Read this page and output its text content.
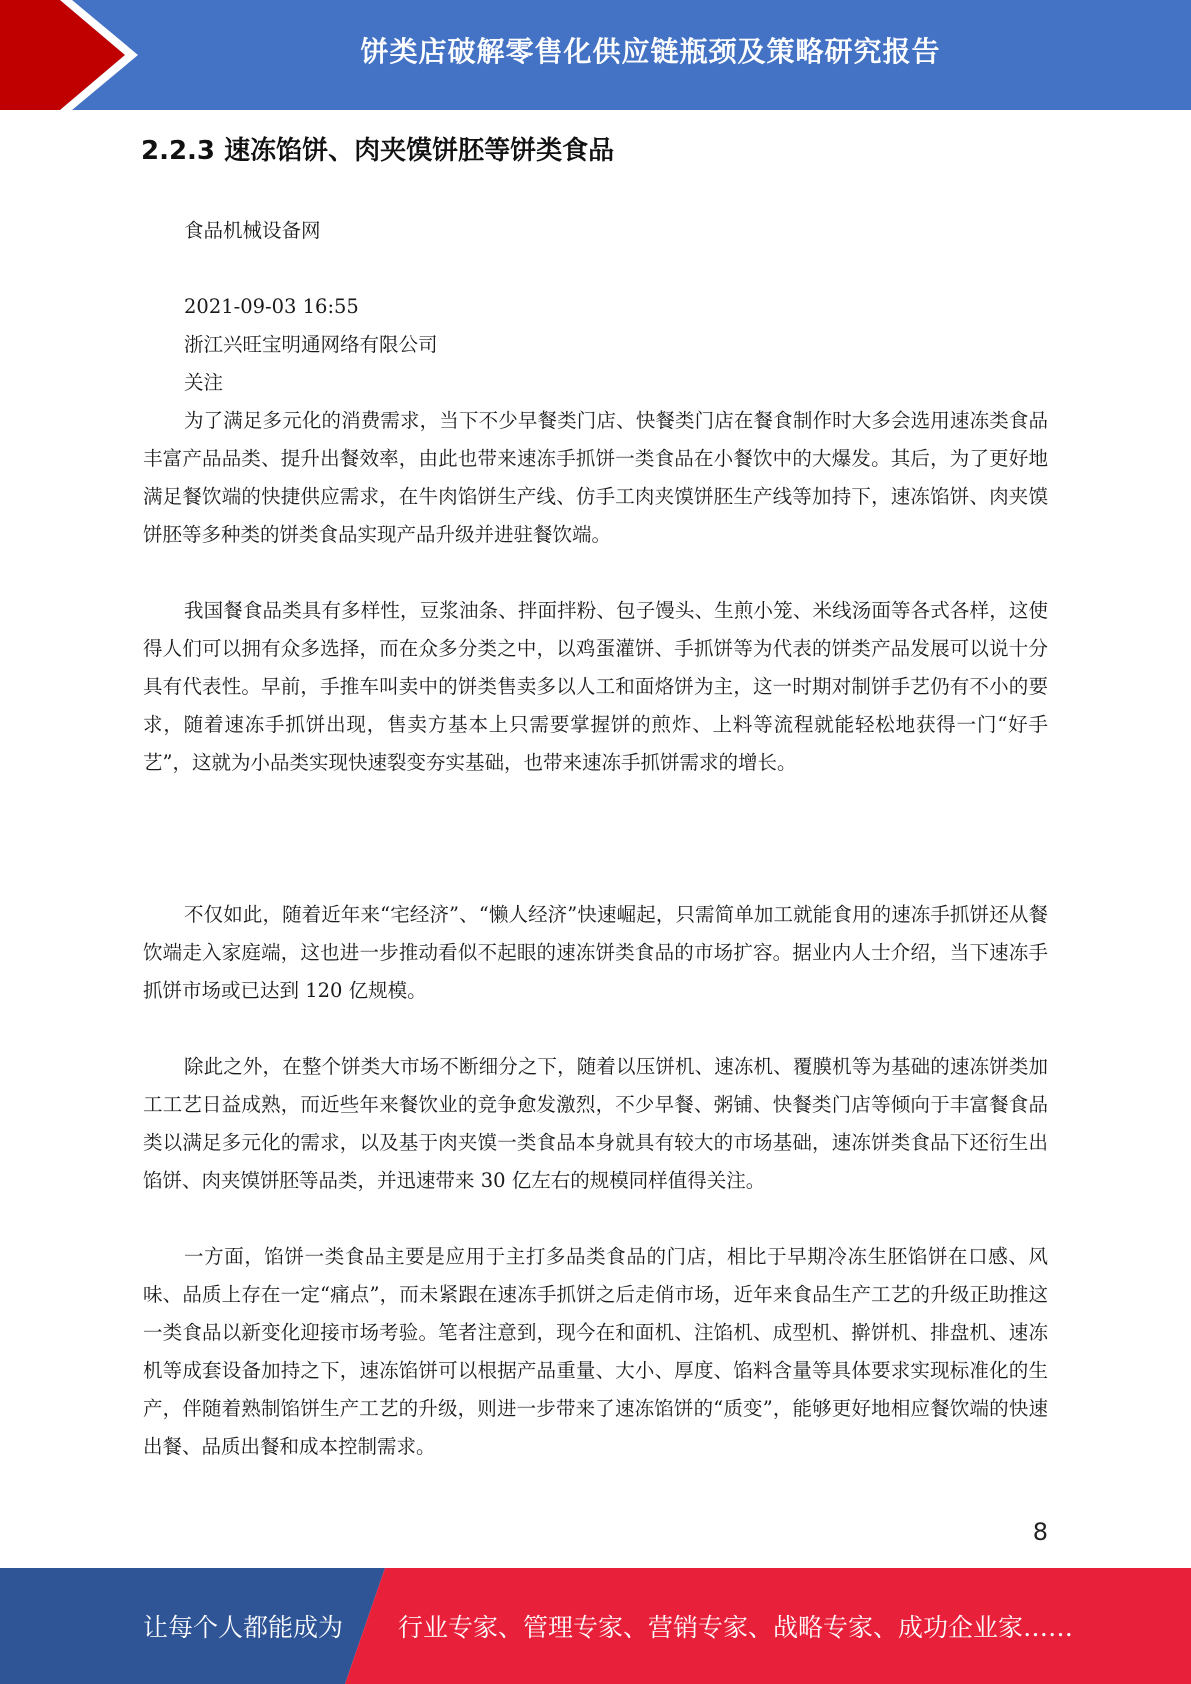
饼类店破解零售化供应链瓶颈及策略研究报告
2.2.3 速冻馅饼、肉夹馍饼胚等饼类食品
食品机械设备网
2021-09-03 16:55
浙江兴旺宝明通网络有限公司
关注

为了满足多元化的消费需求，当下不少早餐类门店、快餐类门店在餐食制作时大多会选用速冻类食品丰富产品品类、提升出餐效率，由此也带来速冻手抓饼一类食品在小餐饮中的大爆发。其后，为了更好地满足餐饮端的快捷供应需求，在牛肉馅饼生产线、仿手工肉夹馍饼胚生产线等加持下，速冻馅饼、肉夹馍饼胚等多种类的饼类食品实现产品升级并进驻餐饮端。

我国餐食品类具有多样性，豆浆油条、拌面拌粉、包子馒头、生煎小笼、米线汤面等各式各样，这使得人们可以拥有众多选择，而在众多分类之中，以鸡蛋灌饼、手抓饼等为代表的饼类产品发展可以说十分具有代表性。早前，手推车叫卖中的饼类售卖多以人工和面烙饼为主，这一时期对制饼手艺仍有不小的要求，随着速冻手抓饼出现，售卖方基本上只需要掌握饼的煎炸、上料等流程就能轻松地获得一门“好手艺”，这就为小品类实现快速裂变夯实基础，也带来速冻手抓饼需求的增长。

不仅如此，随着近年来“宅经济”、“懒人经济”快速崛起，只需简单加工就能食用的速冻手抓饼还从餐饮端走入家庭端，这也进一步推动看似不起眼的速冻饼类食品的市场扩容。据业内人士介绍，当下速冻手抓饼市场或已达到 120 亿规模。

除此之外，在整个饼类大市场不断细分之下，随着以压饼机、速冻机、覆膜机等为基础的速冻饼类加工工艺日益成熟，而近些年来餐饮业的竞争愈发激烈，不少早餐、粥铺、快餐类门店等倾向于丰富餐食品类以满足多元化的需求，以及基于肉夹馍一类食品本身就具有较大的市场基础，速冻饼类食品下还衍生出馅饼、肉夹馍饼胚等品类，并迅速带来 30 亿左右的规模同样值得关注。

一方面，馅饼一类食品主要是应用于主打多品类食品的门店，相比于早期冷冻生胚馅饼在口感、风味、品质上存在一定“痛点”，而未紧跟在速冻手抓饼之后走俏市场，近年来食品生产工艺的升级正助推这一类食品以新变化迎接市场考验。笔者注意到，现今在和面机、注馅机、成型机、擀饼机、排盘机、速冻机等成套设备加持之下，速冻馅饼可以根据产品重量、大小、厚度、馅料含量等具体要求实现标准化的生产，伴随着熟制馅饼生产工艺的升级，则进一步带来了速冻馅饼的“质变”，能够更好地相应餐饮端的快速出餐、品质出餐和成本控制需求。

8
让每个人都能成为 行业专家、管理专家、营销专家、战略专家、成功企业家……
